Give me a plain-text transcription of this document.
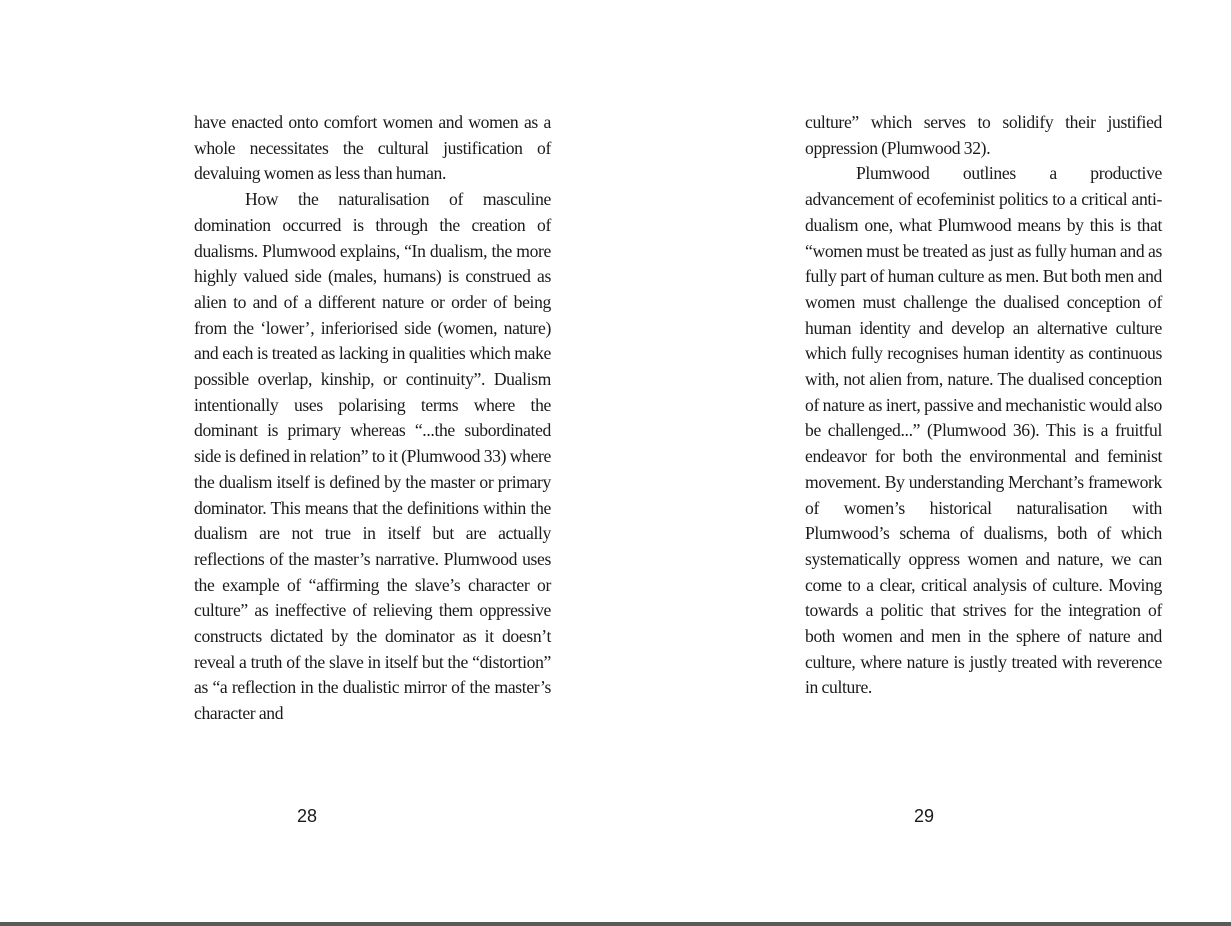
have enacted onto comfort women and women as a whole necessitates the cultural justification of devaluing women as less than human.

How the naturalisation of masculine domination occurred is through the creation of dualisms. Plumwood explains, “In dualism, the more highly valued side (males, humans) is construed as alien to and of a different nature or order of being from the ‘lower’, inferiorised side (women, nature) and each is treated as lacking in qualities which make possible overlap, kinship, or continuity”. Dualism intentionally uses polarising terms where the dominant is primary whereas “...the subordinated side is defined in relation” to it (Plumwood 33) where the dualism itself is defined by the master or primary dominator. This means that the definitions within the dualism are not true in itself but are actually reflections of the master’s narrative. Plumwood uses the example of “affirming the slave’s character or culture” as ineffective of relieving them oppressive constructs dictated by the dominator as it doesn’t reveal a truth of the slave in itself but the “distortion” as “a reflection in the dualistic mirror of the master’s character and

culture” which serves to solidify their justified oppression (Plumwood 32).

Plumwood outlines a productive advancement of ecofeminist politics to a critical anti-dualism one, what Plumwood means by this is that “women must be treated as just as fully human and as fully part of human culture as men. But both men and women must challenge the dualised conception of human identity and develop an alternative culture which fully recognises human identity as continuous with, not alien from, nature. The dualised conception of nature as inert, passive and mechanistic would also be challenged...” (Plumwood 36). This is a fruitful endeavor for both the environmental and feminist movement. By understanding Merchant’s framework of women’s historical naturalisation with Plumwood’s schema of dualisms, both of which systematically oppress women and nature, we can come to a clear, critical analysis of culture. Moving towards a politic that strives for the integration of both women and men in the sphere of nature and culture, where nature is justly treated with reverence in culture.

28	29
